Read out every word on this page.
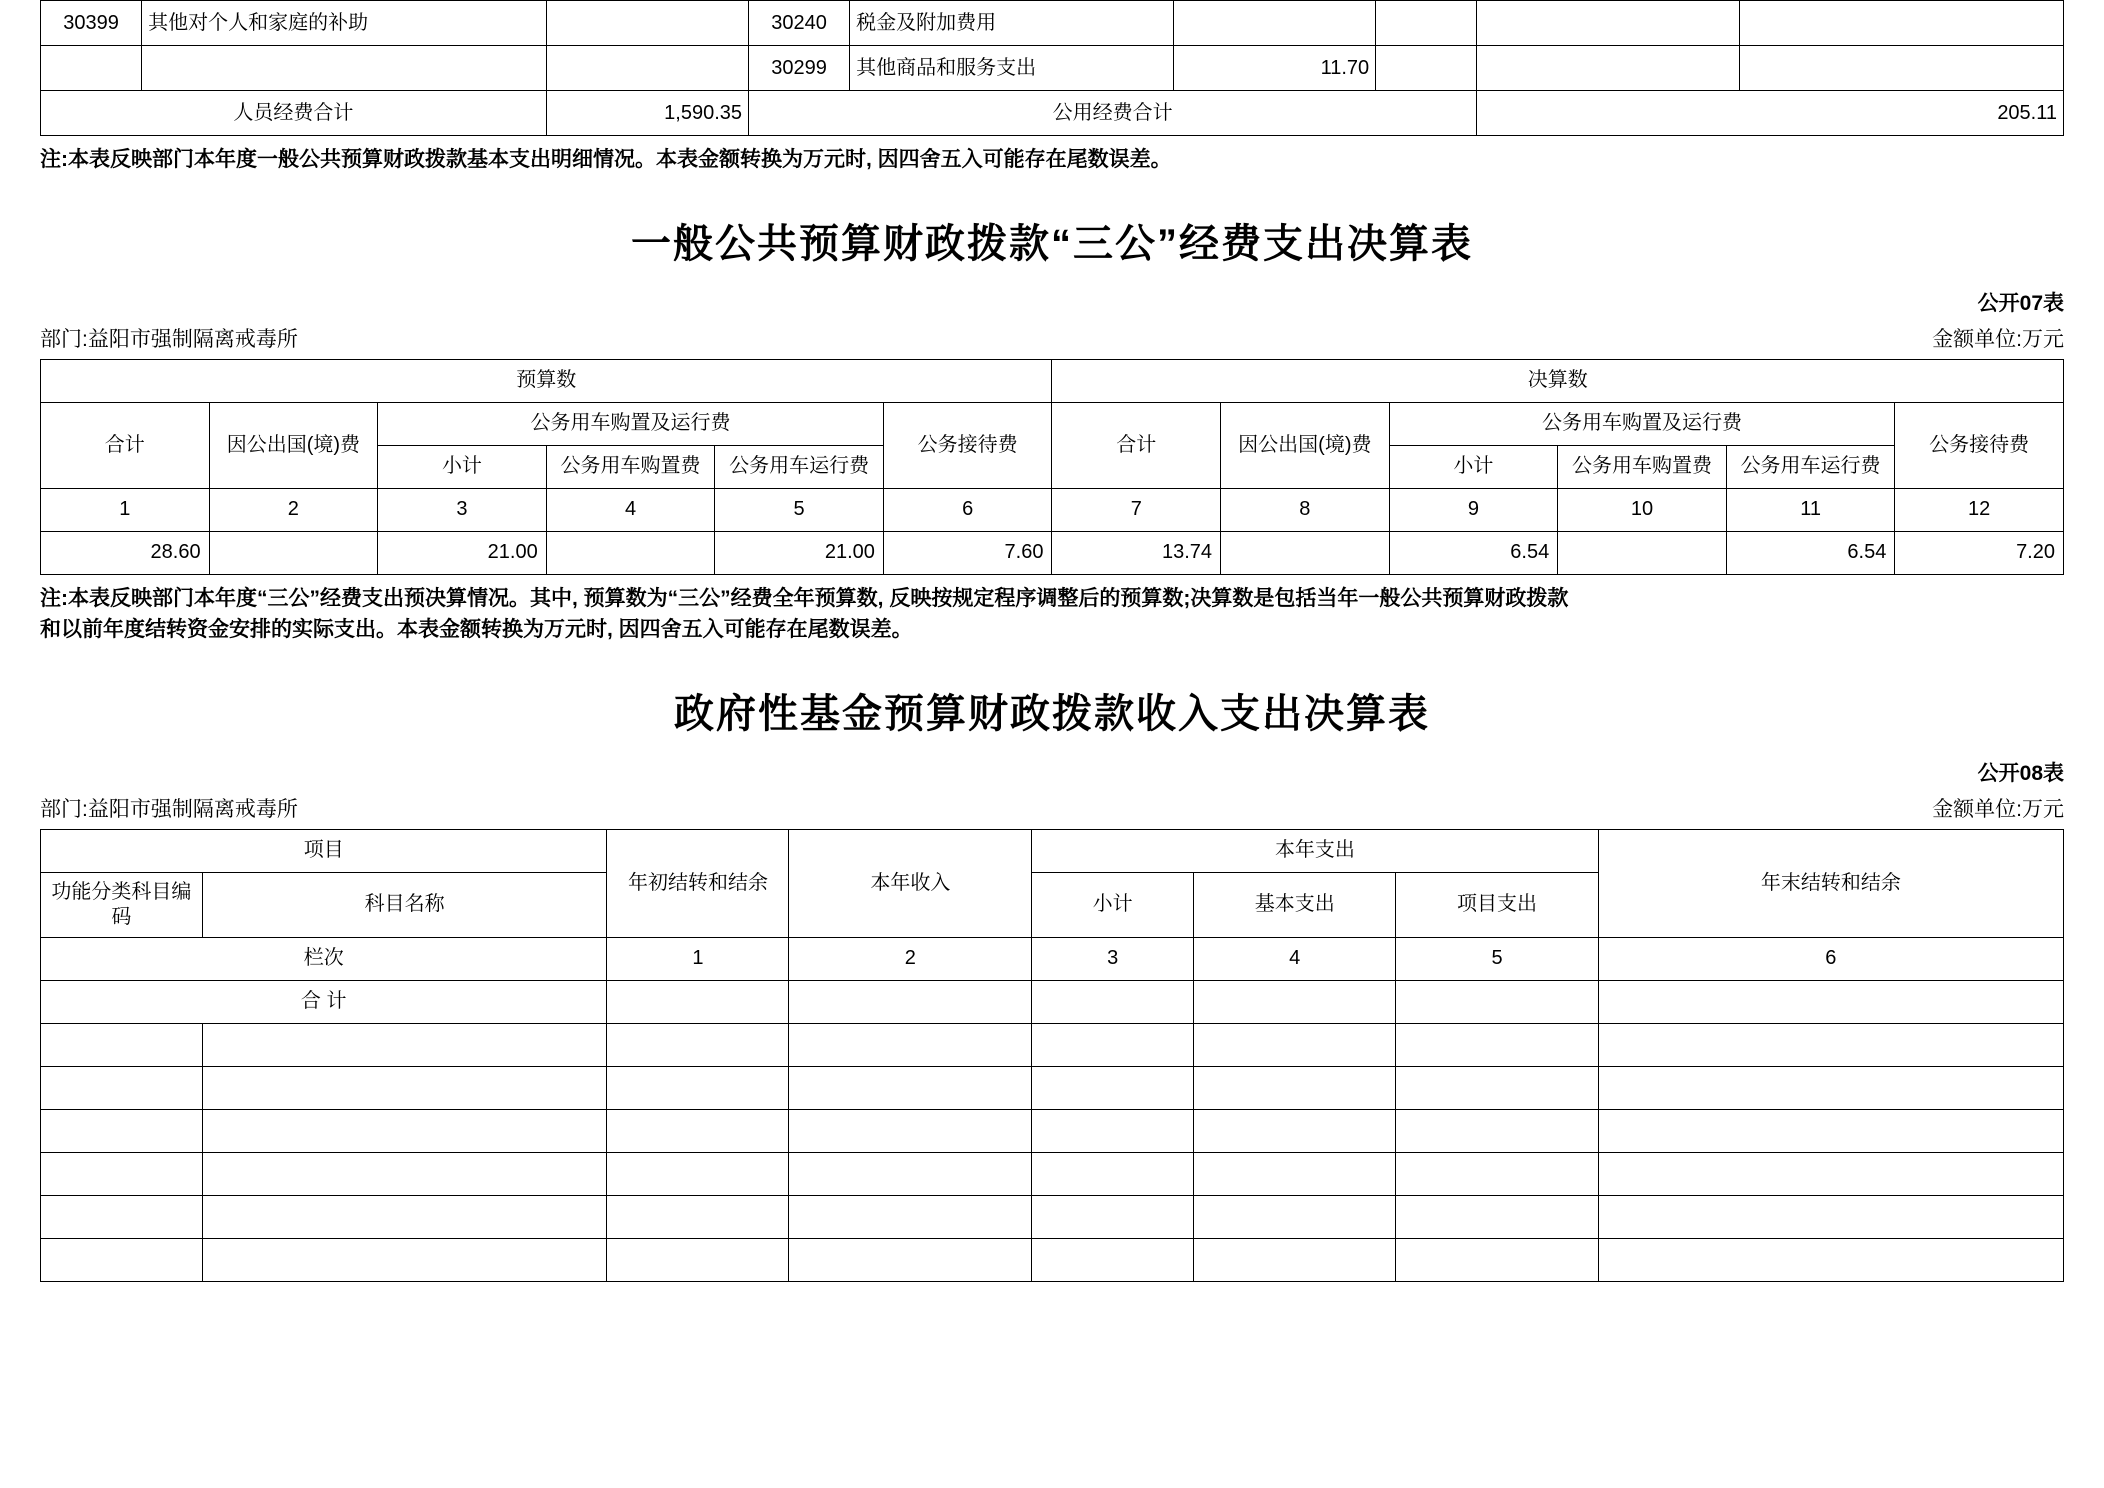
30399	其他对个人和家庭的补助		30240	税金及附加费用				
			30299	其他商品和服务支出	11.70			
人员经费合计		1,590.35	公用经费合计				205.11	

注:本表反映部门本年度一般公共预算财政拨款基本支出明细情况。本表金额转换为万元时, 因四舍五入可能存在尾数误差。

一般公共预算财政拨款“三公”经费支出决算表
公开07表
部门:益阳市强制隔离戒毒所	金额单位:万元
预算数						决算数					
合计	因公出国(境)费	公务用车购置及运行费			公务接待费	合计	因公出国(境)费	公务用车购置及运行费			公务接待费
		小计	公务用车购置费	公务用车运行费				小计	公务用车购置费	公务用车运行费	
1	2	3	4	5	6	7	8	9	10	11	12
28.60		21.00		21.00	7.60	13.74		6.54		6.54	7.20

注:本表反映部门本年度“三公”经费支出预决算情况。其中, 预算数为“三公”经费全年预算数, 反映按规定程序调整后的预算数;决算数是包括当年一般公共预算财政拨款
和以前年度结转资金安排的实际支出。本表金额转换为万元时, 因四舍五入可能存在尾数误差。

政府性基金预算财政拨款收入支出决算表
公开08表
部门:益阳市强制隔离戒毒所	金额单位:万元
项目		年初结转和结余	本年收入	本年支出			年末结转和结余
功能分类科目编码	科目名称			小计	基本支出	项目支出	
栏次		1	2	3	4	5	6
合 计							
